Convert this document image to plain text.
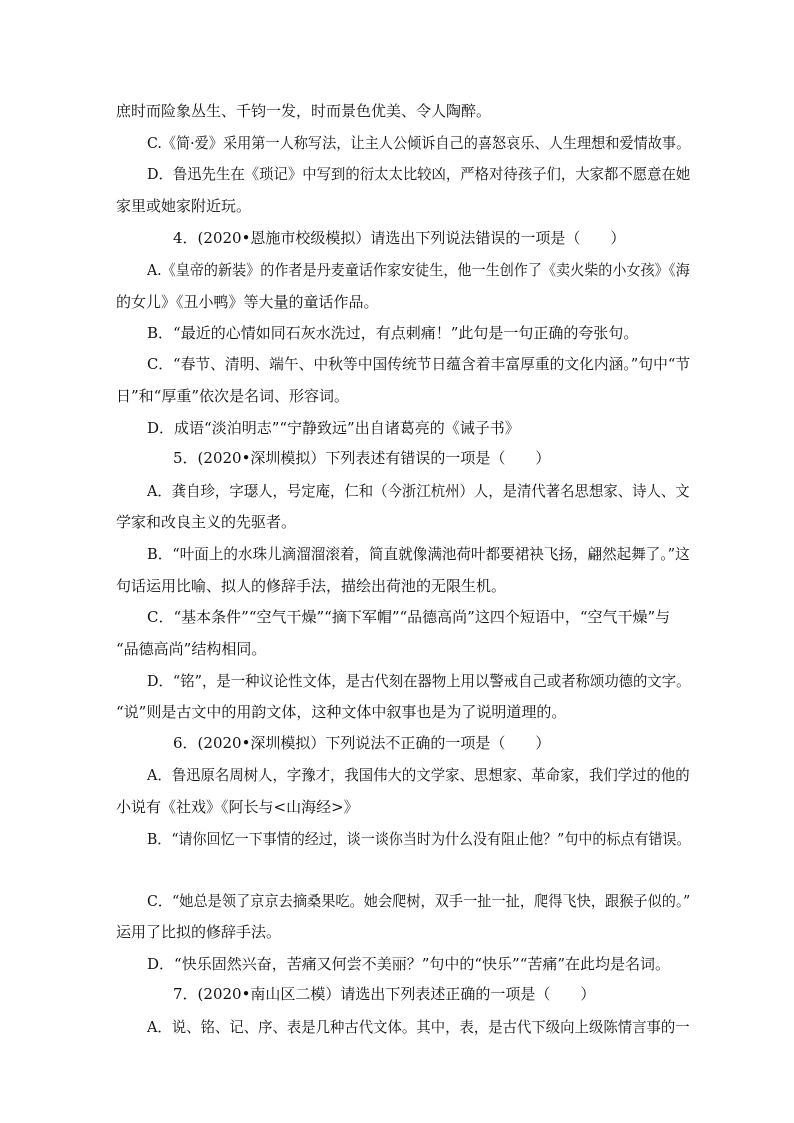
庶时而险象丛生、千钧一发，时而景色优美、令人陶醉。
C.《简·爱》采用第一人称写法，让主人公倾诉自己的喜怒哀乐、人生理想和爱情故事。
D．鲁迅先生在《琐记》中写到的衍太太比较凶，严格对待孩子们，大家都不愿意在她
家里或她家附近玩。
4．(2020•恩施市校级模拟）请选出下列说法错误的一项是（　　）
A.《皇帝的新装》的作者是丹麦童话作家安徒生，他一生创作了《卖火柴的小女孩》《海
的女儿》《丑小鸭》等大量的童话作品。
B．“最近的心情如同石灰水洗过，有点刺痛！”此句是一句正确的夸张句。
C．“春节、清明、端午、中秋等中国传统节日蕴含着丰富厚重的文化内涵。”句中“节
日”和“厚重”依次是名词、形容词。
D．成语“淡泊明志”“宁静致远”出自诸葛亮的《诫子书》
5．(2020•深圳模拟）下列表述有错误的一项是（　　）
A．龚自珍，字璱人，号定庵，仁和（今浙江杭州）人，是清代著名思想家、诗人、文
学家和改良主义的先驱者。
B．“叶面上的水珠儿滴溜溜滚着，简直就像满池荷叶都要裙袂飞扬，翩然起舞了。”这
句话运用比喻、拟人的修辞手法，描绘出荷池的无限生机。
C．“基本条件”“空气干燥”“摘下军帽”“品德高尚”这四个短语中，“空气干燥”与
“品德高尚”结构相同。
D．“铭”，是一种议论性文体，是古代刻在器物上用以警戒自己或者称颂功德的文字。
“说”则是古文中的用韵文体，这种文体中叙事也是为了说明道理的。
6．(2020•深圳模拟）下列说法不正确的一项是（　　）
A．鲁迅原名周树人，字豫才，我国伟大的文学家、思想家、革命家，我们学过的他的
小说有《社戏》《阿长与<山海经>》
B．“请你回忆一下事情的经过，谈一谈你当时为什么没有阻止他？”句中的标点有错误。
C．“她总是领了京京去摘桑果吃。她会爬树，双手一扯一扯，爬得飞快，跟猴子似的。”
运用了比拟的修辞手法。
D．“快乐固然兴奋，苦痛又何尝不美丽？”句中的“快乐”“苦痛”在此均是名词。
7．(2020•南山区二模）请选出下列表述正确的一项是（　　）
A．说、铭、记、序、表是几种古代文体。其中，表，是古代下级向上级陈情言事的一
